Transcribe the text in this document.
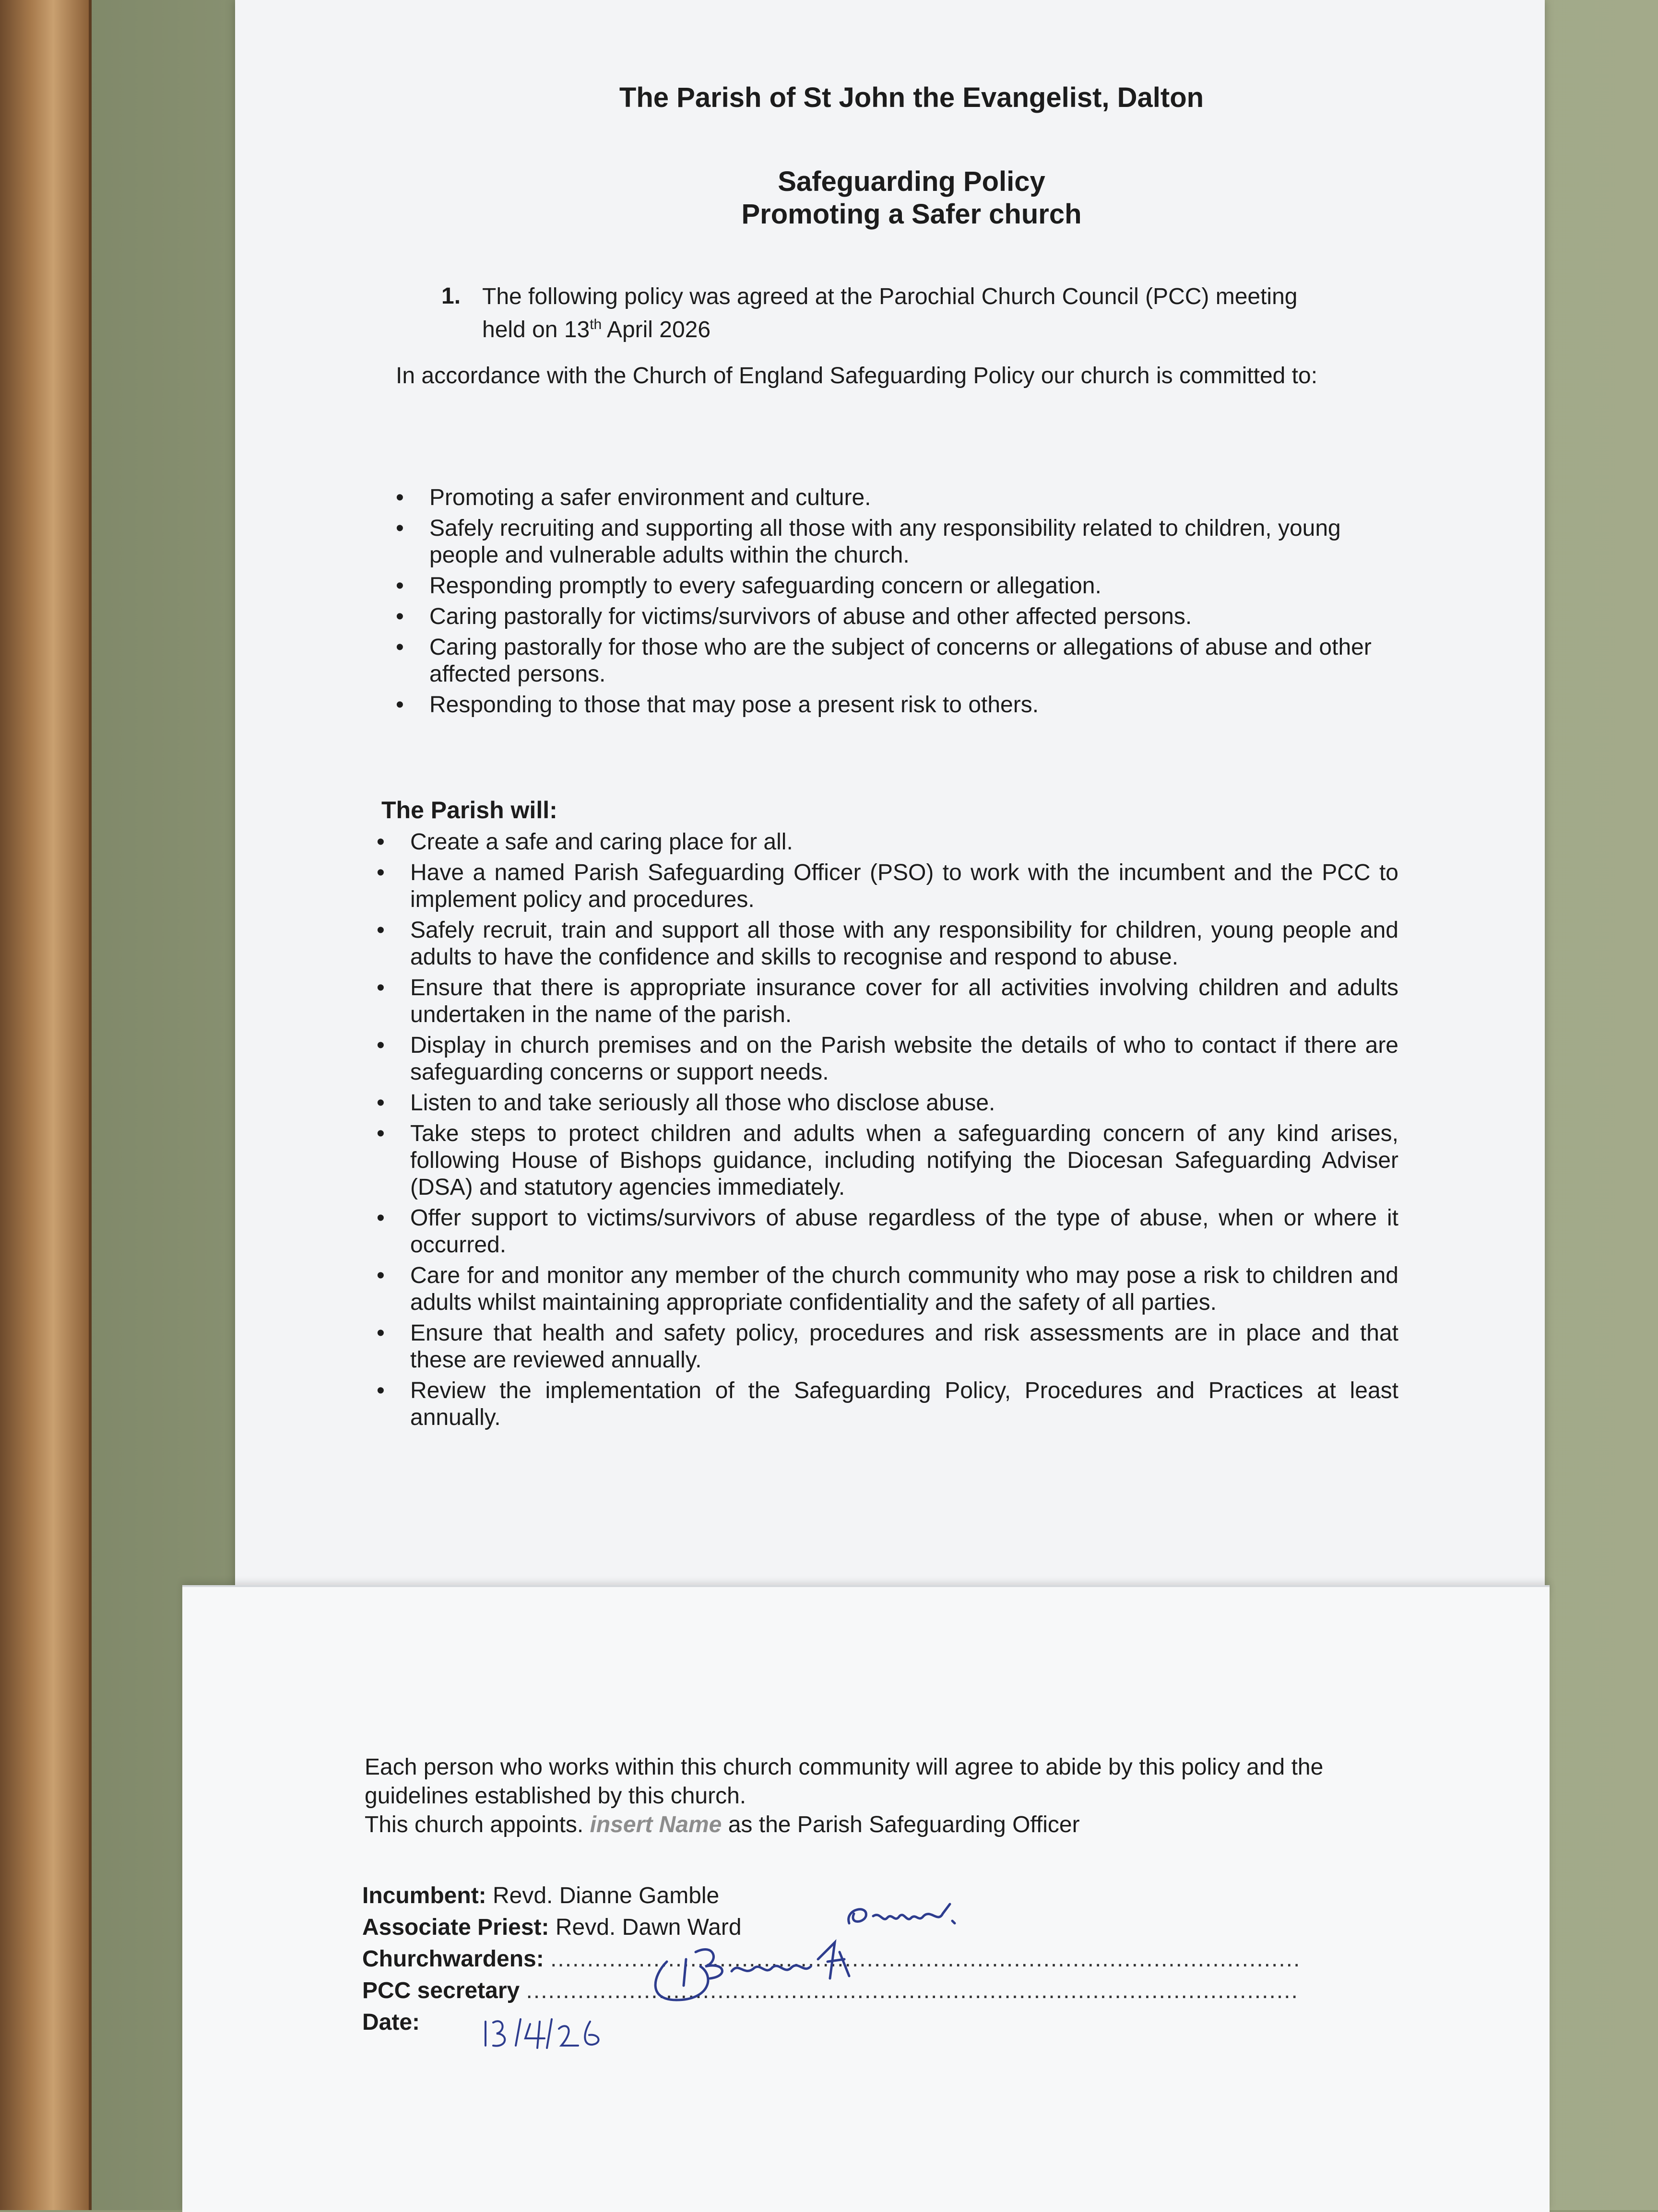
The Parish of St John the Evangelist, Dalton
Safeguarding Policy
Promoting a Safer church
1. The following policy was agreed at the Parochial Church Council (PCC) meeting held on 13th April 2026
In accordance with the Church of England Safeguarding Policy our church is committed to:
• Promoting a safer environment and culture.
• Safely recruiting and supporting all those with any responsibility related to children, young people and vulnerable adults within the church.
• Responding promptly to every safeguarding concern or allegation.
• Caring pastorally for victims/survivors of abuse and other affected persons.
• Caring pastorally for those who are the subject of concerns or allegations of abuse and other affected persons.
• Responding to those that may pose a present risk to others.
The Parish will:
• Create a safe and caring place for all.
• Have a named Parish Safeguarding Officer (PSO) to work with the incumbent and the PCC to implement policy and procedures.
• Safely recruit, train and support all those with any responsibility for children, young people and adults to have the confidence and skills to recognise and respond to abuse.
• Ensure that there is appropriate insurance cover for all activities involving children and adults undertaken in the name of the parish.
• Display in church premises and on the Parish website the details of who to contact if there are safeguarding concerns or support needs.
• Listen to and take seriously all those who disclose abuse.
• Take steps to protect children and adults when a safeguarding concern of any kind arises, following House of Bishops guidance, including notifying the Diocesan Safeguarding Adviser (DSA) and statutory agencies immediately.
• Offer support to victims/survivors of abuse regardless of the type of abuse, when or where it occurred.
• Care for and monitor any member of the church community who may pose a risk to children and adults whilst maintaining appropriate confidentiality and the safety of all parties.
• Ensure that health and safety policy, procedures and risk assessments are in place and that these are reviewed annually.
• Review the implementation of the Safeguarding Policy, Procedures and Practices at least annually.
Each person who works within this church community will agree to abide by this policy and the guidelines established by this church.
This church appoints. insert Name as the Parish Safeguarding Officer
Incumbent: Revd. Dianne Gamble
Associate Priest: Revd. Dawn Ward
Churchwardens: ......................................................................................................
PCC secretary .........................................................................................................
Date:
